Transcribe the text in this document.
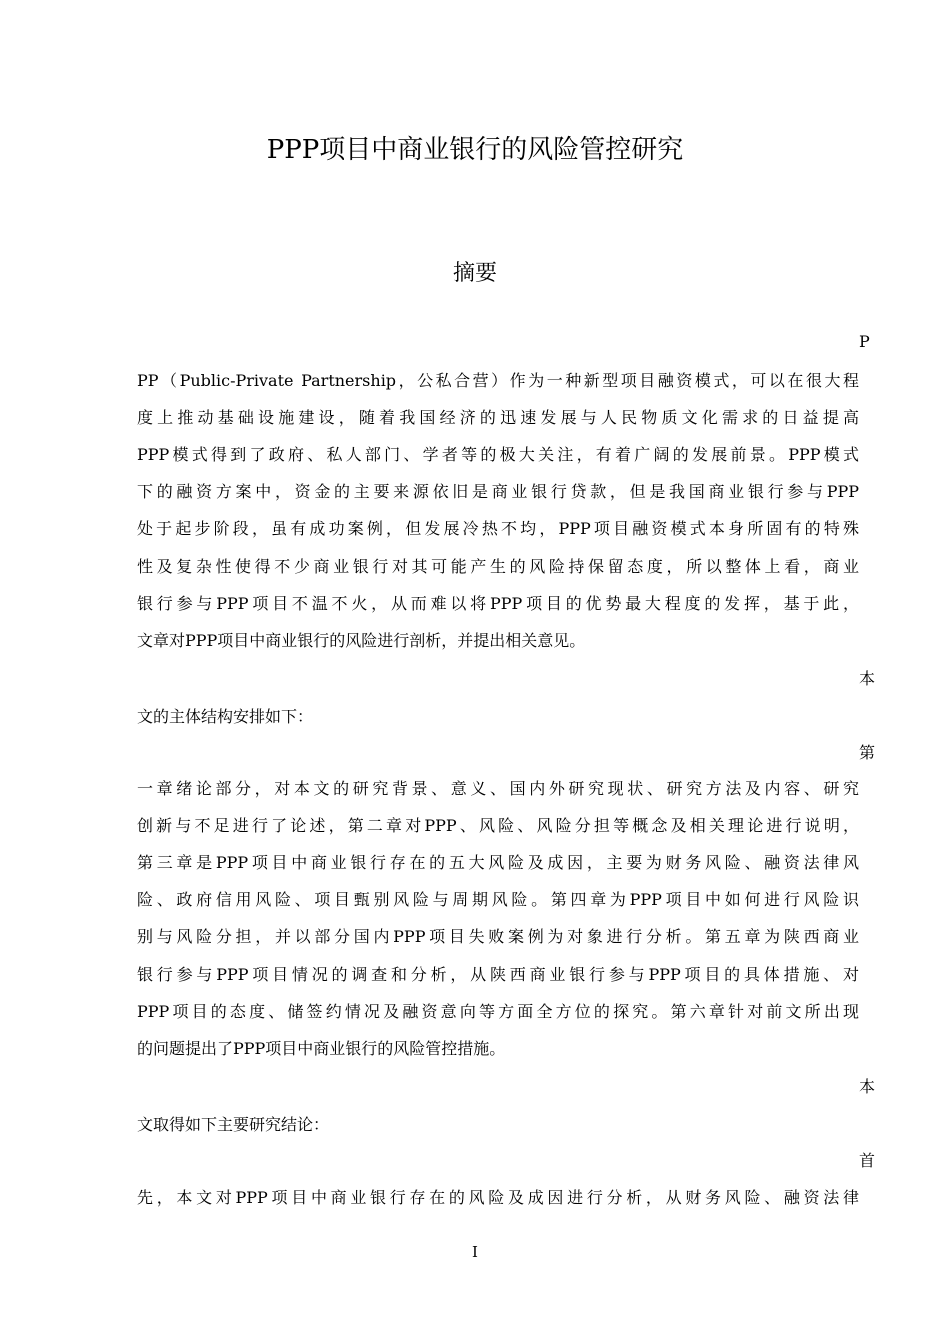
PPP项目中商业银行的风险管控研究
摘要
P
PP（Public-Private Partnership，公私合营）作为一种新型项目融资模式，可以在很大程
度上推动基础设施建设，随着我国经济的迅速发展与人民物质文化需求的日益提高
PPP模式得到了政府、私人部门、学者等的极大关注，有着广阔的发展前景。PPP模式
下的融资方案中，资金的主要来源依旧是商业银行贷款，但是我国商业银行参与PPP
处于起步阶段，虽有成功案例，但发展冷热不均，PPP项目融资模式本身所固有的特殊
性及复杂性使得不少商业银行对其可能产生的风险持保留态度，所以整体上看，商业
银行参与PPP项目不温不火，从而难以将PPP项目的优势最大程度的发挥，基于此，
文章对PPP项目中商业银行的风险进行剖析，并提出相关意见。
本
文的主体结构安排如下：
第
一章绪论部分，对本文的研究背景、意义、国内外研究现状、研究方法及内容、研究
创新与不足进行了论述，第二章对PPP、风险、风险分担等概念及相关理论进行说明，
第三章是PPP项目中商业银行存在的五大风险及成因，主要为财务风险、融资法律风
险、政府信用风险、项目甄别风险与周期风险。第四章为PPP项目中如何进行风险识
别与风险分担，并以部分国内PPP项目失败案例为对象进行分析。第五章为陕西商业
银行参与PPP项目情况的调查和分析，从陕西商业银行参与PPP项目的具体措施、对
PPP项目的态度、储签约情况及融资意向等方面全方位的探究。第六章针对前文所出现
的问题提出了PPP项目中商业银行的风险管控措施。
本
文取得如下主要研究结论：
首
先，本文对PPP项目中商业银行存在的风险及成因进行分析，从财务风险、融资法律
I
